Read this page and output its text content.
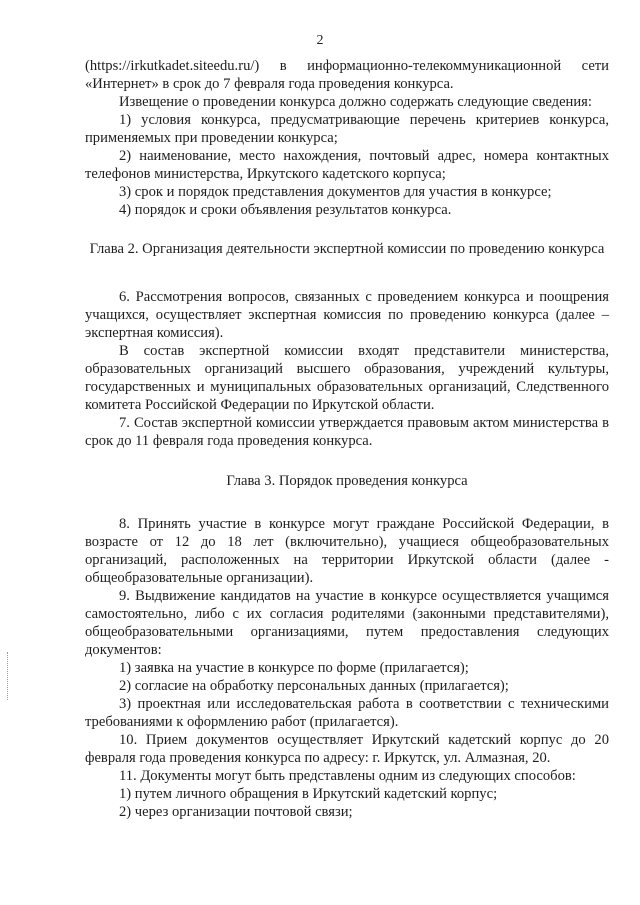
2

(https://irkutkadet.siteedu.ru/) в информационно-телекоммуникационной сети «Интернет» в срок до 7 февраля года проведения конкурса.

Извещение о проведении конкурса должно содержать следующие сведения:

1) условия конкурса, предусматривающие перечень критериев конкурса, применяемых при проведении конкурса;

2) наименование, место нахождения, почтовый адрес, номера контактных телефонов министерства, Иркутского кадетского корпуса;

3) срок и порядок представления документов для участия в конкурсе;

4) порядок и сроки объявления результатов конкурса.

Глава 2. Организация деятельности экспертной комиссии по проведению конкурса

6. Рассмотрения вопросов, связанных с проведением конкурса и поощрения учащихся, осуществляет экспертная комиссия по проведению конкурса (далее – экспертная комиссия).

В состав экспертной комиссии входят представители министерства, образовательных организаций высшего образования, учреждений культуры, государственных и муниципальных образовательных организаций, Следственного комитета Российской Федерации по Иркутской области.

7. Состав экспертной комиссии утверждается правовым актом министерства в срок до 11 февраля года проведения конкурса.

Глава 3. Порядок проведения конкурса

8. Принять участие в конкурсе могут граждане Российской Федерации, в возрасте от 12 до 18 лет (включительно), учащиеся общеобразовательных организаций, расположенных на территории Иркутской области (далее - общеобразовательные организации).

9. Выдвижение кандидатов на участие в конкурсе осуществляется учащимся самостоятельно, либо с их согласия родителями (законными представителями), общеобразовательными организациями, путем предоставления следующих документов:

1) заявка на участие в конкурсе по форме (прилагается);

2) согласие на обработку персональных данных (прилагается);

3) проектная или исследовательская работа в соответствии с техническими требованиями к оформлению работ (прилагается).

10. Прием документов осуществляет Иркутский кадетский корпус до 20 февраля года проведения конкурса по адресу: г. Иркутск, ул. Алмазная, 20.

11. Документы могут быть представлены одним из следующих способов:

1) путем личного обращения в Иркутский кадетский корпус;

2) через организации почтовой связи;
